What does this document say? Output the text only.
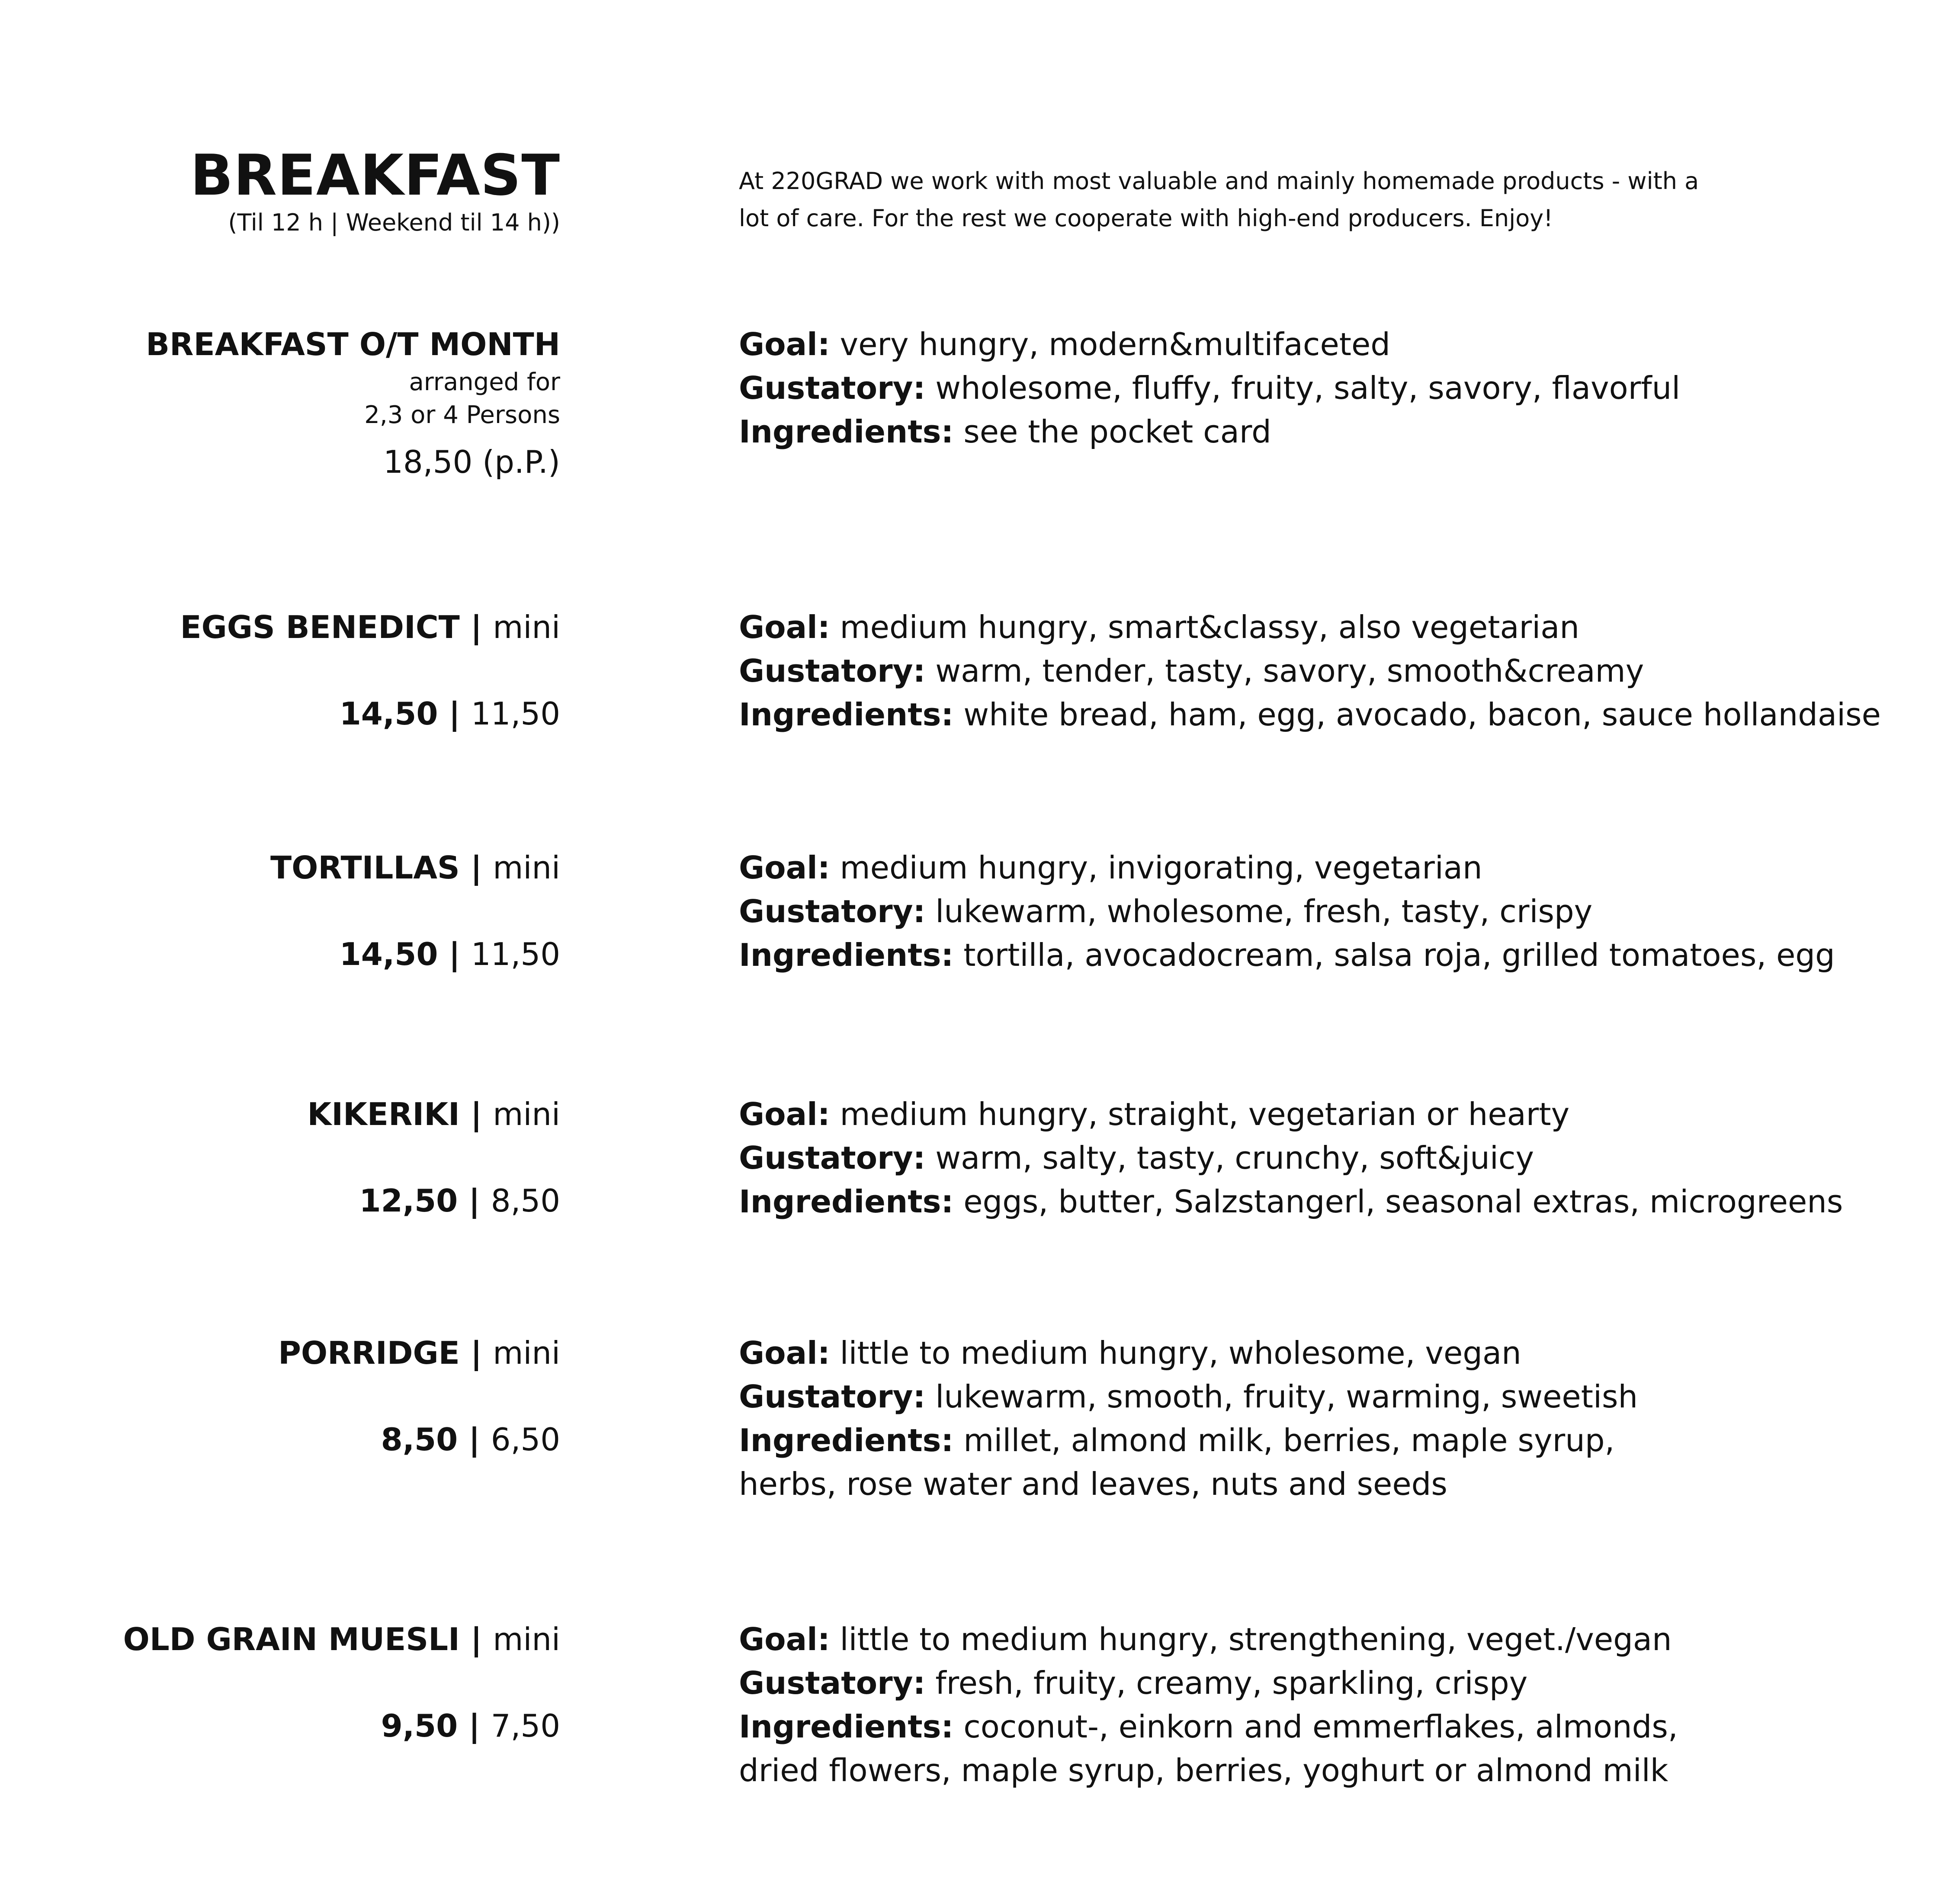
BREAKFAST
(Til 12 h | Weekend til 14 h))
At 220GRAD we work with most valuable and mainly homemade products - with a
lot of care. For the rest we cooperate with high-end producers. Enjoy!
BREAKFAST O/T MONTH
arranged for
2,3 or 4 Persons
18,50 (p.P.)
Goal: very hungry, modern&multifaceted
Gustatory: wholesome, fluffy, fruity, salty, savory, flavorful
Ingredients: see the pocket card
EGGS BENEDICT | mini
14,50 | 11,50
Goal: medium hungry, smart&classy, also vegetarian
Gustatory: warm, tender, tasty, savory, smooth&creamy
Ingredients: white bread, ham, egg, avocado, bacon, sauce hollandaise
TORTILLAS | mini
14,50 | 11,50
Goal: medium hungry, invigorating, vegetarian
Gustatory: lukewarm, wholesome, fresh, tasty, crispy
Ingredients: tortilla, avocadocream, salsa roja, grilled tomatoes, egg
KIKERIKI | mini
12,50 | 8,50
Goal: medium hungry, straight, vegetarian or hearty
Gustatory: warm, salty, tasty, crunchy, soft&juicy
Ingredients: eggs, butter, Salzstangerl, seasonal extras, microgreens
PORRIDGE | mini
8,50 | 6,50
Goal: little to medium hungry, wholesome, vegan
Gustatory: lukewarm, smooth, fruity, warming, sweetish
Ingredients: millet, almond milk, berries, maple syrup, herbs, rose water and leaves, nuts and seeds
OLD GRAIN MUESLI | mini
9,50 | 7,50
Goal: little to medium hungry, strengthening, veget./vegan
Gustatory: fresh, fruity, creamy, sparkling, crispy
Ingredients: coconut-, einkorn and emmerflakes, almonds, dried flowers, maple syrup, berries, yoghurt or almond milk
